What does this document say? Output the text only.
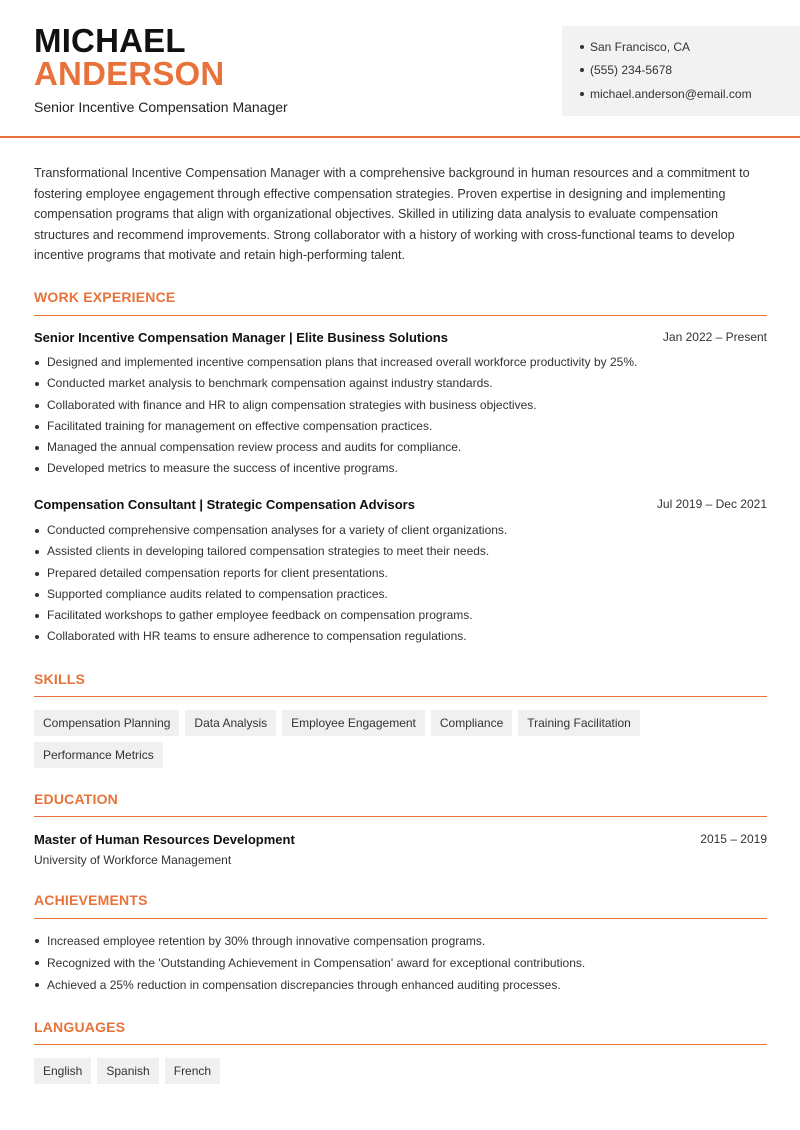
MICHAEL
ANDERSON
Senior Incentive Compensation Manager
San Francisco, CA
(555) 234-5678
michael.anderson@email.com
Transformational Incentive Compensation Manager with a comprehensive background in human resources and a commitment to fostering employee engagement through effective compensation strategies. Proven expertise in designing and implementing compensation programs that align with organizational objectives. Skilled in utilizing data analysis to evaluate compensation structures and recommend improvements. Strong collaborator with a history of working with cross-functional teams to develop incentive programs that motivate and retain high-performing talent.
WORK EXPERIENCE
Senior Incentive Compensation Manager | Elite Business Solutions	Jan 2022 – Present
Designed and implemented incentive compensation plans that increased overall workforce productivity by 25%.
Conducted market analysis to benchmark compensation against industry standards.
Collaborated with finance and HR to align compensation strategies with business objectives.
Facilitated training for management on effective compensation practices.
Managed the annual compensation review process and audits for compliance.
Developed metrics to measure the success of incentive programs.
Compensation Consultant | Strategic Compensation Advisors	Jul 2019 – Dec 2021
Conducted comprehensive compensation analyses for a variety of client organizations.
Assisted clients in developing tailored compensation strategies to meet their needs.
Prepared detailed compensation reports for client presentations.
Supported compliance audits related to compensation practices.
Facilitated workshops to gather employee feedback on compensation programs.
Collaborated with HR teams to ensure adherence to compensation regulations.
SKILLS
Compensation Planning Data Analysis Employee Engagement Compliance Training FacilitationPerformance Metrics
EDUCATION
Master of Human Resources Development	2015 – 2019
University of Workforce Management
ACHIEVEMENTS
Increased employee retention by 30% through innovative compensation programs.
Recognized with the 'Outstanding Achievement in Compensation' award for exceptional contributions.
Achieved a 25% reduction in compensation discrepancies through enhanced auditing processes.
LANGUAGES
English Spanish French
